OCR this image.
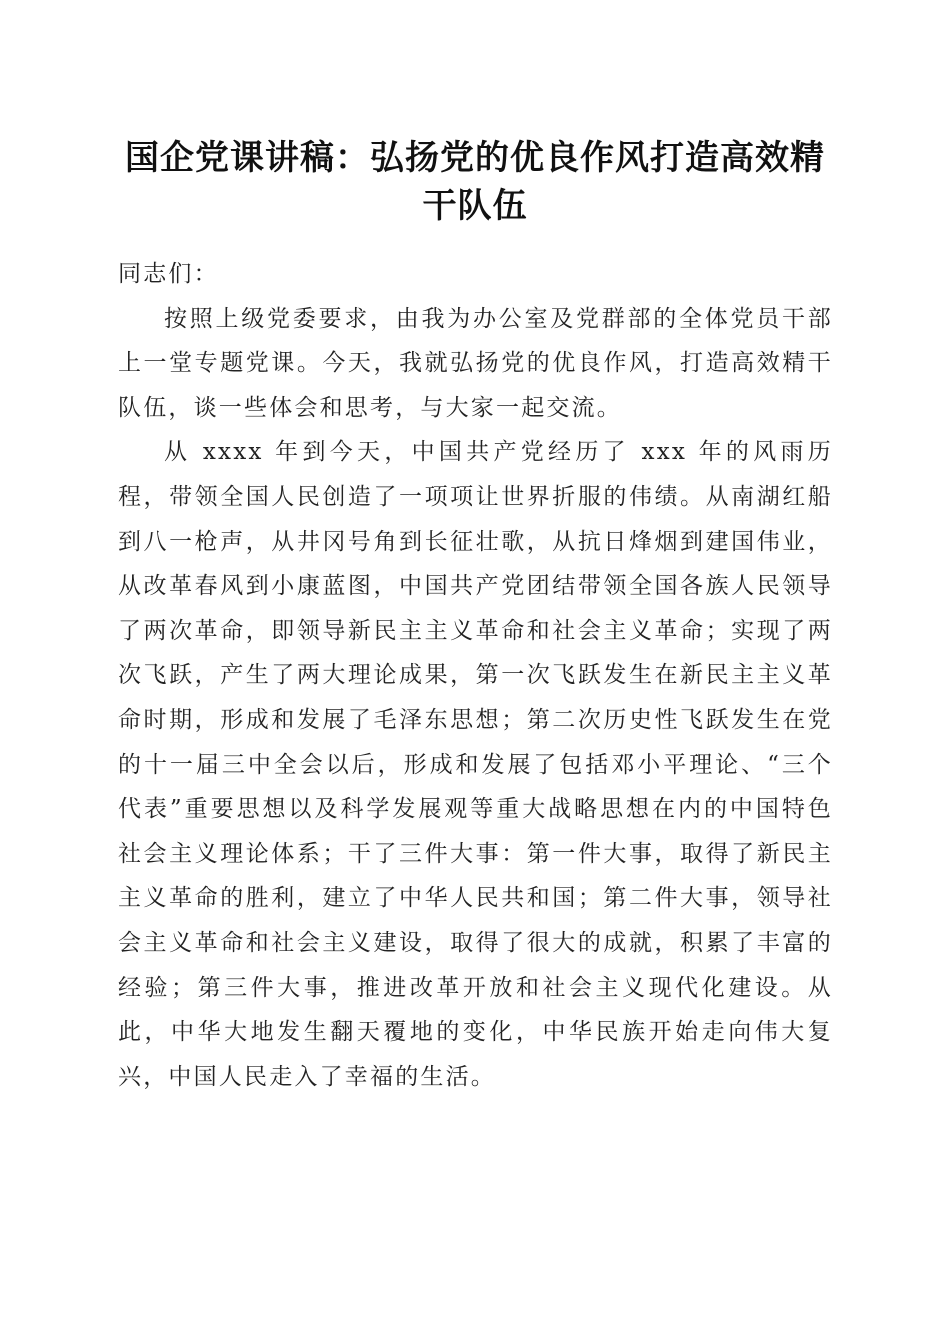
国企党课讲稿：弘扬党的优良作风打造高效精干队伍

同志们：

按照上级党委要求，由我为办公室及党群部的全体党员干部上一堂专题党课。今天，我就弘扬党的优良作风，打造高效精干队伍，谈一些体会和思考，与大家一起交流。

从 xxxx 年到今天，中国共产党经历了 xxx 年的风雨历程，带领全国人民创造了一项项让世界折服的伟绩。从南湖红船到八一枪声，从井冈号角到长征壮歌，从抗日烽烟到建国伟业，从改革春风到小康蓝图，中国共产党团结带领全国各族人民领导了两次革命，即领导新民主主义革命和社会主义革命；实现了两次飞跃，产生了两大理论成果，第一次飞跃发生在新民主主义革命时期，形成和发展了毛泽东思想；第二次历史性飞跃发生在党的十一届三中全会以后，形成和发展了包括邓小平理论、“三个代表”重要思想以及科学发展观等重大战略思想在内的中国特色社会主义理论体系；干了三件大事：第一件大事，取得了新民主主义革命的胜利，建立了中华人民共和国；第二件大事，领导社会主义革命和社会主义建设，取得了很大的成就，积累了丰富的经验；第三件大事，推进改革开放和社会主义现代化建设。从此，中华大地发生翻天覆地的变化，中华民族开始走向伟大复兴，中国人民走入了幸福的生活。
